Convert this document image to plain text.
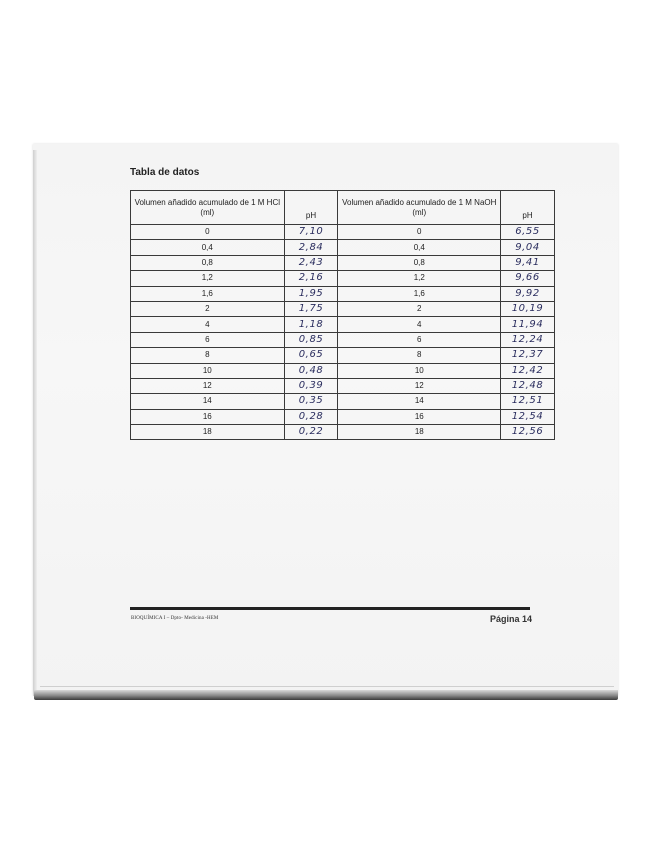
Tabla de datos
Volumen añadido acumulado de 1 M HCl (ml)	pH	Volumen añadido acumulado de 1 M NaOH (ml)	pH
0	7,10	0	6,55
0,4	2,84	0,4	9,04
0,8	2,43	0,8	9,41
1,2	2,16	1,2	9,66
1,6	1,95	1,6	9,92
2	1,75	2	10,19
4	1,18	4	11,94
6	0,85	6	12,24
8	0,65	8	12,37
10	0,48	10	12,42
12	0,39	12	12,48
14	0,35	14	12,51
16	0,28	16	12,54
18	0,22	18	12,56
BIOQUÍMICA I – Dpto- Medicina -HEM	Página 14
